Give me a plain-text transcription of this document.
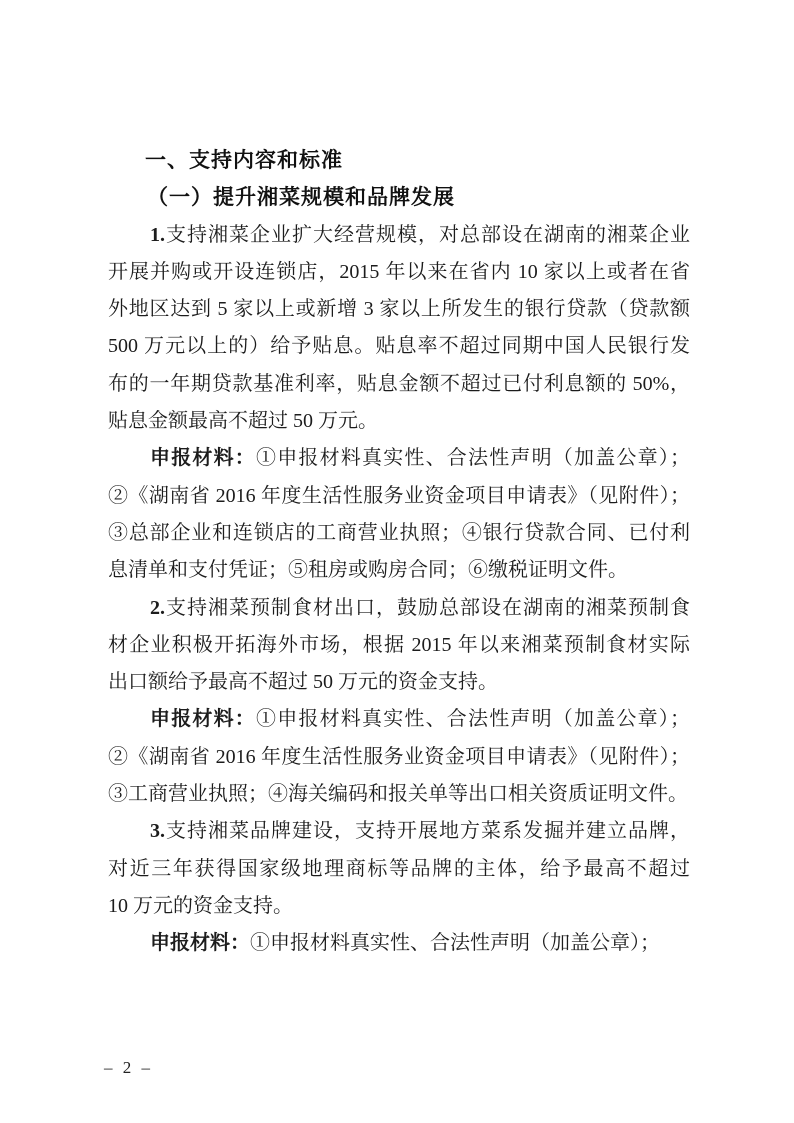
一、支持内容和标准
（一）提升湘菜规模和品牌发展
1.支持湘菜企业扩大经营规模，对总部设在湖南的湘菜企业
开展并购或开设连锁店，2015 年以来在省内 10 家以上或者在省
外地区达到 5 家以上或新增 3 家以上所发生的银行贷款（贷款额
500 万元以上的）给予贴息。贴息率不超过同期中国人民银行发
布的一年期贷款基准利率，贴息金额不超过已付利息额的 50%，
贴息金额最高不超过 50 万元。
申报材料：①申报材料真实性、合法性声明（加盖公章）；
②《湖南省 2016 年度生活性服务业资金项目申请表》（见附件）；
③总部企业和连锁店的工商营业执照；④银行贷款合同、已付利
息清单和支付凭证；⑤租房或购房合同；⑥缴税证明文件。
2.支持湘菜预制食材出口，鼓励总部设在湖南的湘菜预制食
材企业积极开拓海外市场，根据 2015 年以来湘菜预制食材实际
出口额给予最高不超过 50 万元的资金支持。
申报材料：①申报材料真实性、合法性声明（加盖公章）；
②《湖南省 2016 年度生活性服务业资金项目申请表》（见附件）；
③工商营业执照；④海关编码和报关单等出口相关资质证明文件。
3.支持湘菜品牌建设，支持开展地方菜系发掘并建立品牌，
对近三年获得国家级地理商标等品牌的主体，给予最高不超过
10 万元的资金支持。
申报材料：①申报材料真实性、合法性声明（加盖公章）；
– 2 –
